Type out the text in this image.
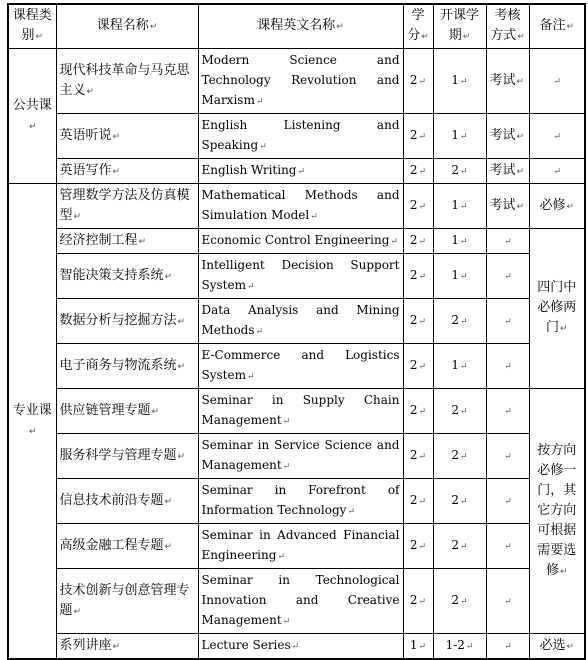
课程类别↵	课程名称↵	课程英文名称↵	学分↵	开课学期↵	考核方式↵	备注↵
公共课↵	现代科技革命与马克思主义↵	Modern Science and Technology Revolution and Marxism↵	2↵	1↵	考试↵	↵
	英语听说↵	English Listening and Speaking↵	2↵	1↵	考试↵	↵
	英语写作↵	English Writing↵	2↵	2↵	考试↵	↵
专业课↵	管理数学方法及仿真模型↵	Mathematical Methods and Simulation Model↵	2↵	1↵	考试↵	必修↵
	经济控制工程↵	Economic Control Engineering↵	2↵	1↵	↵	四门中必修两门↵
	智能决策支持系统↵	Intelligent Decision Support System↵	2↵	1↵	↵	
	数据分析与挖掘方法↵	Data Analysis and Mining Methods↵	2↵	2↵	↵	
	电子商务与物流系统↵	E-Commerce and Logistics System↵	2↵	1↵	↵	
	供应链管理专题↵	Seminar in Supply Chain Management↵	2↵	2↵	↵	按方向必修一门，其它方向可根据需要选修↵
	服务科学与管理专题↵	Seminar in Service Science and Management↵	2↵	2↵	↵	
	信息技术前沿专题↵	Seminar in Forefront of Information Technology↵	2↵	2↵	↵	
	高级金融工程专题↵	Seminar in Advanced Financial Engineering↵	2↵	2↵	↵	
	技术创新与创意管理专题↵	Seminar in Technological Innovation and Creative Management↵	2↵	2↵	↵	
	系列讲座↵	Lecture Series↵	1↵	1-2↵	↵	必选↵
